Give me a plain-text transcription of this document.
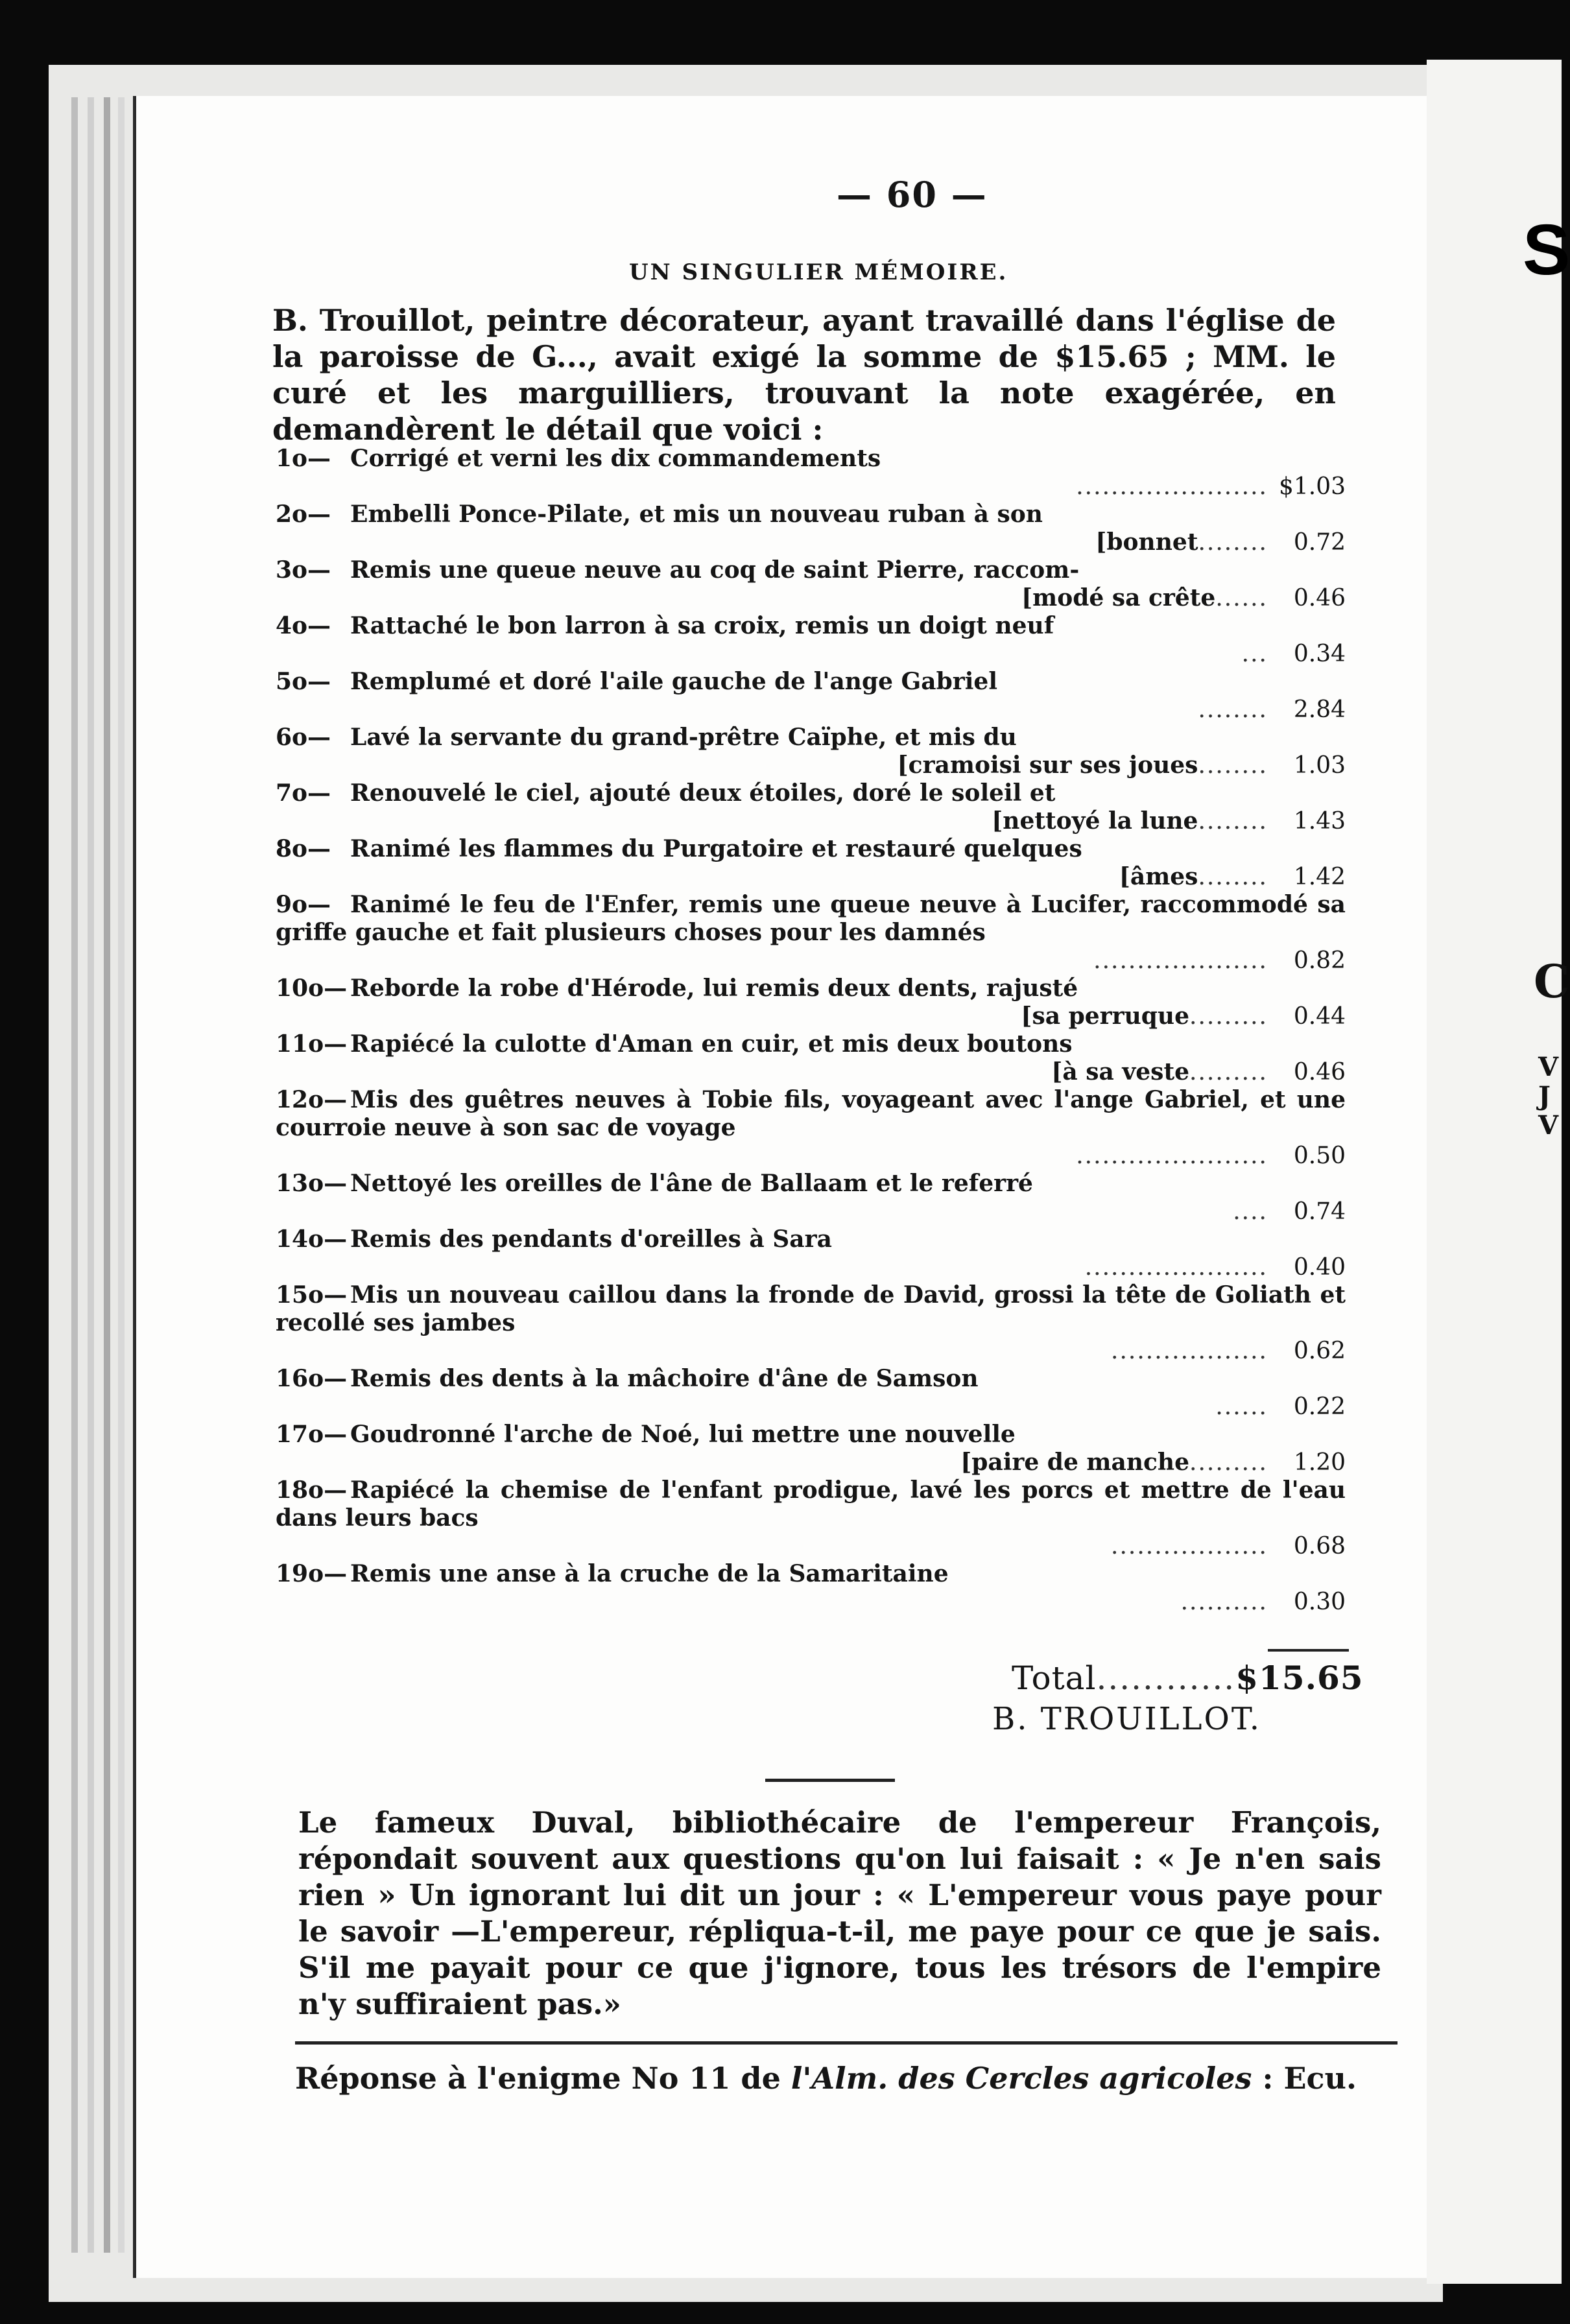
— 60 —
UN SINGULIER MÉMOIRE.
B. Trouillot, peintre décorateur, ayant travaillé dans l'église de la paroisse de G..., avait exigé la somme de $15.65 ; MM. le curé et les marguilliers, trouvant la note exagérée, en demandèrent le détail que voici :
1o— Corrigé et verni les dix commandements
...................... $1.03
2o— Embelli Ponce-Pilate, et mis un nouveau ruban à son
[bonnet........ 0.72
3o— Remis une queue neuve au coq de saint Pierre, raccom-
[modé sa crête...... 0.46
4o— Rattaché le bon larron à sa croix, remis un doigt neuf
... 0.34
5o— Remplumé et doré l'aile gauche de l'ange Gabriel
........ 2.84
6o— Lavé la servante du grand-prêtre Caïphe, et mis du
[cramoisi sur ses joues........ 1.03
7o— Renouvelé le ciel, ajouté deux étoiles, doré le soleil et
[nettoyé la lune........ 1.43
8o— Ranimé les flammes du Purgatoire et restauré quelques
[âmes........ 1.42
9o— Ranimé le feu de l'Enfer, remis une queue neuve à Lucifer, raccommodé sa griffe gauche et fait plusieurs choses pour les damnés
.................... 0.82
10o— Reborde la robe d'Hérode, lui remis deux dents, rajusté
[sa perruque......... 0.44
11o— Rapiécé la culotte d'Aman en cuir, et mis deux boutons
[à sa veste......... 0.46
12o— Mis des guêtres neuves à Tobie fils, voyageant avec l'ange Gabriel, et une courroie neuve à son sac de voyage
...................... 0.50
13o— Nettoyé les oreilles de l'âne de Ballaam et le referré
.... 0.74
14o— Remis des pendants d'oreilles à Sara
..................... 0.40
15o— Mis un nouveau caillou dans la fronde de David, grossi la tête de Goliath et recollé ses jambes
.................. 0.62
16o— Remis des dents à la mâchoire d'âne de Samson
...... 0.22
17o— Goudronné l'arche de Noé, lui mettre une nouvelle
[paire de manche......... 1.20
18o— Rapiécé la chemise de l'enfant prodigue, lavé les porcs et mettre de l'eau dans leurs bacs
.................. 0.68
19o— Remis une anse à la cruche de la Samaritaine
.......... 0.30
Total............$15.65
B. TROUILLOT.
Le fameux Duval, bibliothécaire de l'empereur François, répondait souvent aux questions qu'on lui faisait : « Je n'en sais rien » Un ignorant lui dit un jour : « L'empereur vous paye pour le savoir —L'empereur, répliqua-t-il, me paye pour ce que je sais. S'il me payait pour ce que j'ignore, tous les trésors de l'empire n'y suffiraient pas.»
Réponse à l'enigme No 11 de l'Alm. des Cercles agricoles : Ecu.
S
C
V
J
V
